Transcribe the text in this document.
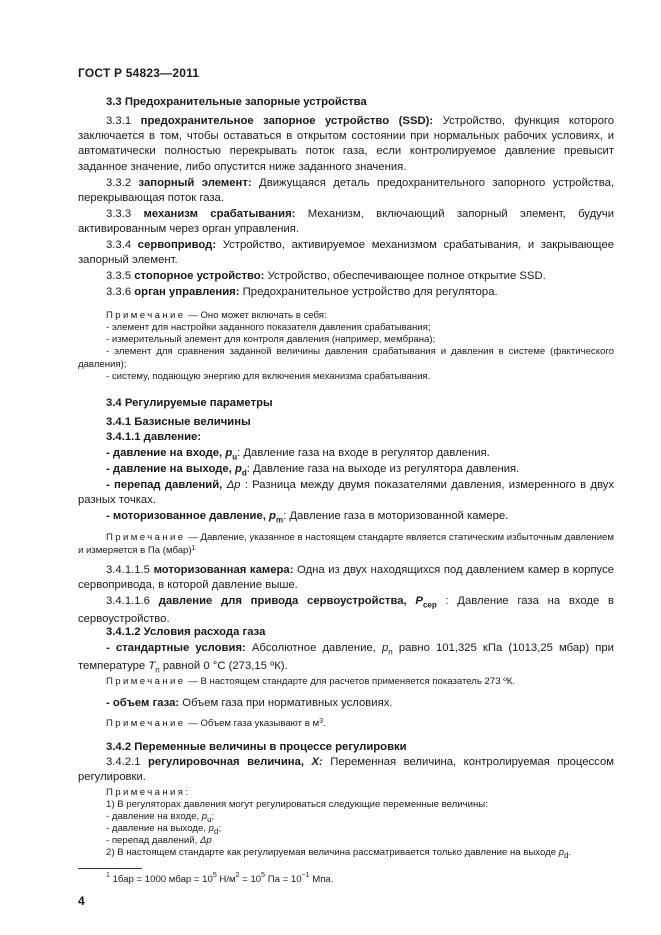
ГОСТ Р 54823—2011
3.3 Предохранительные запорные устройства
3.3.1 предохранительное запорное устройство (SSD): Устройство, функция которого заключается в том, чтобы оставаться в открытом состоянии при нормальных рабочих условиях, и автоматически полностью перекрывать поток газа, если контролируемое давление превысит заданное значение, либо опустится ниже заданного значения.
3.3.2 запорный элемент: Движущаяся деталь предохранительного запорного устройства, перекрывающая поток газа.
3.3.3 механизм срабатывания: Механизм, включающий запорный элемент, будучи активированным через орган управления.
3.3.4 сервопривод: Устройство, активируемое механизмом срабатывания, и закрывающее запорный элемент.
3.3.5 стопорное устройство: Устройство, обеспечивающее полное открытие SSD.
3.3.6 орган управления: Предохранительное устройство для регулятора.
Примечание — Оно может включать в себя:
- элемент для настройки заданного показателя давления срабатывания;
- измерительный элемент для контроля давления (например, мембрана);
- элемент для сравнения заданной величины давления срабатывания и давления в системе (фактического давления);
- систему, подающую энергию для включения механизма срабатывания.
3.4 Регулируемые параметры
3.4.1 Базисные величины
3.4.1.1 давление:
- давление на входе, $p_u$: Давление газа на входе в регулятор давления.
- давление на выходе, $p_d$: Давление газа на выходе из регулятора давления.
- перепад давлений, Δp : Разница между двумя показателями давления, измеренного в двух разных точках.
- моторизованное давление, $p_m$: Давление газа в моторизованной камере.
Примечание — Давление, указанное в настоящем стандарте является статическим избыточным давлением и измеряется в Па (мбар)$^1$
3.4.1.1.5 моторизованная камера: Одна из двух находящихся под давлением камер в корпусе сервопривода, в которой давление выше.
3.4.1.1.6 давление для привода сервоустройства, $P_{сер}$ : Давление газа на входе в сервоустройство.
3.4.1.2 Условия расхода газа
- стандартные условия: Абсолютное давление, $p_n$ равно 101,325 кПа (1013,25 мбар) при температуре $T_n$ равной 0 °С (273,15 ºК).
Примечание — В настоящем стандарте для расчетов применяется показатель 273 ºК.
- объем газа: Объем газа при нормативных условиях.
Примечание — Объем газа указывают в $м^3$.
3.4.2 Переменные величины в процессе регулировки
3.4.2.1 регулировочная величина, X: Переменная величина, контролируемая процессом регулировки.
Примечания:
1) В регуляторах давления могут регулироваться следующие переменные величины:
- давление на входе, $p_u$;
- давление на выходе, $p_d$;
- перепад давлений, Δp
2) В настоящем стандарте как регулируемая величина рассматривается только давление на выходе $p_d$.
$^1$ 1бар = 1000 мбар = $10^5$ $Н/м^2 = 10^5$ Па = $10^{-1}$ Мпа.
4
